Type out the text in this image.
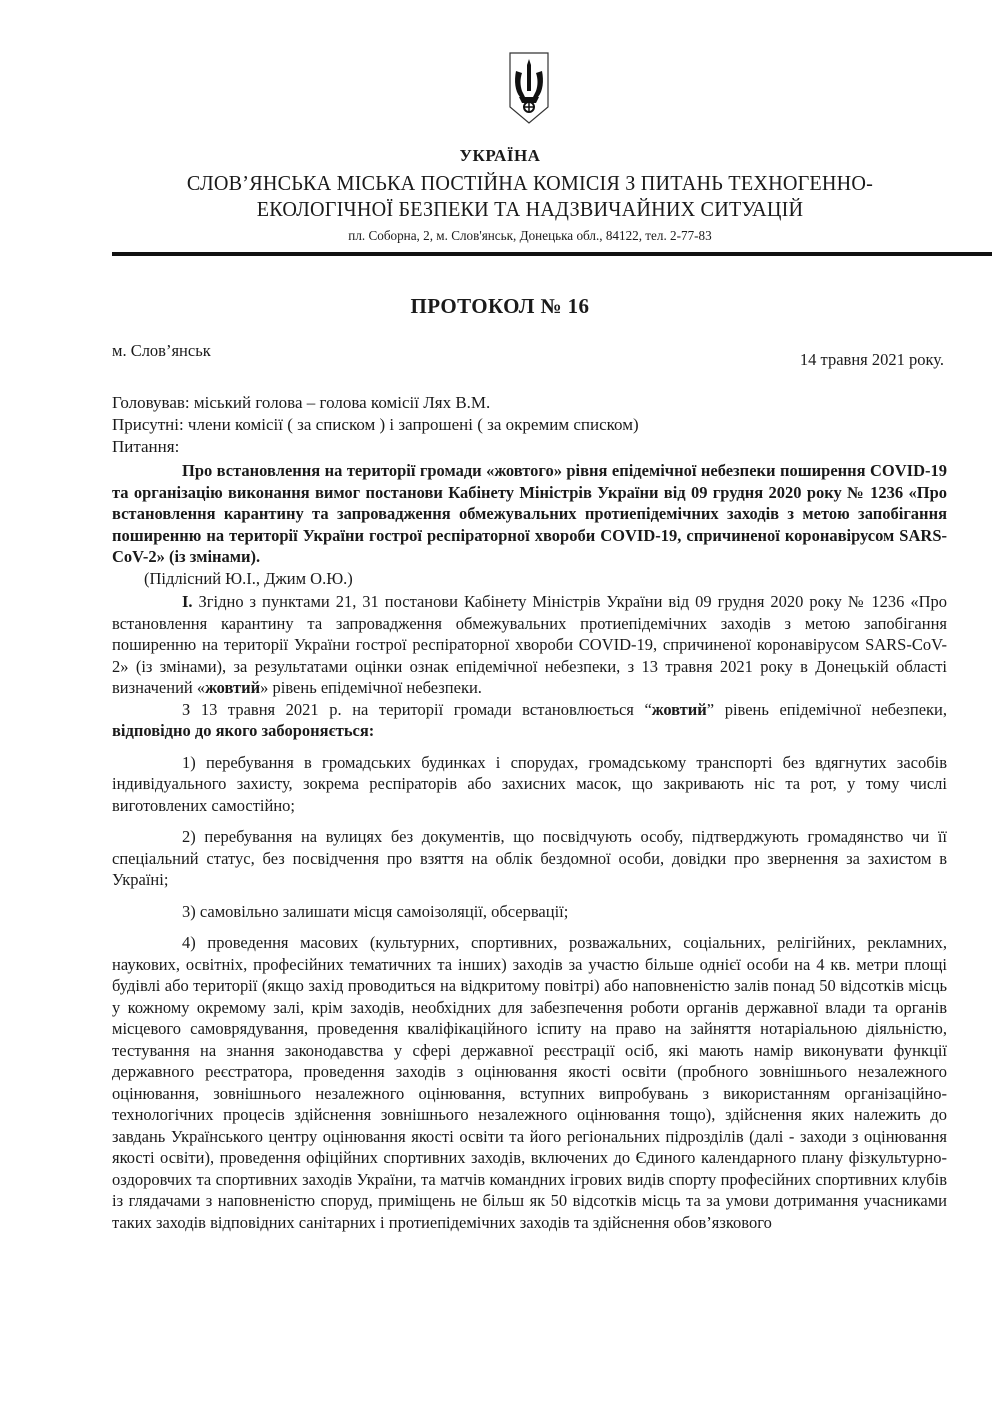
УКРАЇНА
СЛОВ’ЯНСЬКА МІСЬКА ПОСТІЙНА КОМІСІЯ З ПИТАНЬ ТЕХНОГЕННО-
ЕКОЛОГІЧНОЇ БЕЗПЕКИ ТА НАДЗВИЧАЙНИХ СИТУАЦІЙ
пл. Соборна, 2, м. Слов'янськ, Донецька обл., 84122, тел. 2-77-83
ПРОТОКОЛ № 16
м. Слов’янськ	14 травня 2021 року.
Головував: міський голова – голова комісії Лях В.М.
Присутні: члени комісії ( за списком ) і запрошені ( за окремим списком)
Питання:

Про встановлення на території громади «жовтого» рівня епідемічної небезпеки поширення COVID-19 та організацію виконання вимог постанови Кабінету Міністрів України від 09 грудня 2020 року № 1236 «Про встановлення карантину та запровадження обмежувальних протиепідемічних заходів з метою запобігання поширенню на території України гострої респіраторної хвороби COVID-19, спричиненої коронавірусом SARS-CoV-2» (із змінами).

(Підлісний Ю.І., Джим О.Ю.)

І. Згідно з пунктами 21, 31 постанови Кабінету Міністрів України від 09 грудня 2020 року № 1236 «Про встановлення карантину та запровадження обмежувальних протиепідемічних заходів з метою запобігання поширенню на території України гострої респіраторної хвороби COVID-19, спричиненої коронавірусом SARS-CoV-2» (із змінами), за результатами оцінки ознак епідемічної небезпеки, з 13 травня 2021 року в Донецькій області визначений «жовтий» рівень епідемічної небезпеки.

З 13 травня 2021 р. на території громади встановлюється “жовтий” рівень епідемічної небезпеки, відповідно до якого забороняється:

1) перебування в громадських будинках і спорудах, громадському транспорті без вдягнутих засобів індивідуального захисту, зокрема респіраторів або захисних масок, що закривають ніс та рот, у тому числі виготовлених самостійно;

2) перебування на вулицях без документів, що посвідчують особу, підтверджують громадянство чи її спеціальний статус, без посвідчення про взяття на облік бездомної особи, довідки про звернення за захистом в Україні;

3) самовільно залишати місця самоізоляції, обсервації;

4) проведення масових (культурних, спортивних, розважальних, соціальних, релігійних, рекламних, наукових, освітніх, професійних тематичних та інших) заходів за участю більше однієї особи на 4 кв. метри площі будівлі або території (якщо захід проводиться на відкритому повітрі) або наповненістю залів понад 50 відсотків місць у кожному окремому залі, крім заходів, необхідних для забезпечення роботи органів державної влади та органів місцевого самоврядування, проведення кваліфікаційного іспиту на право на зайняття нотаріальною діяльністю, тестування на знання законодавства у сфері державної реєстрації осіб, які мають намір виконувати функції державного реєстратора, проведення заходів з оцінювання якості освіти (пробного зовнішнього незалежного оцінювання, зовнішнього незалежного оцінювання, вступних випробувань з використанням організаційно-технологічних процесів здійснення зовнішнього незалежного оцінювання тощо), здійснення яких належить до завдань Українського центру оцінювання якості освіти та його регіональних підрозділів (далі - заходи з оцінювання якості освіти), проведення офіційних спортивних заходів, включених до Єдиного календарного плану фізкультурно-оздоровчих та спортивних заходів України, та матчів командних ігрових видів спорту професійних спортивних клубів із глядачами з наповненістю споруд, приміщень не більш як 50 відсотків місць та за умови дотримання учасниками таких заходів відповідних санітарних і протиепідемічних заходів та здійснення обов’язкового
